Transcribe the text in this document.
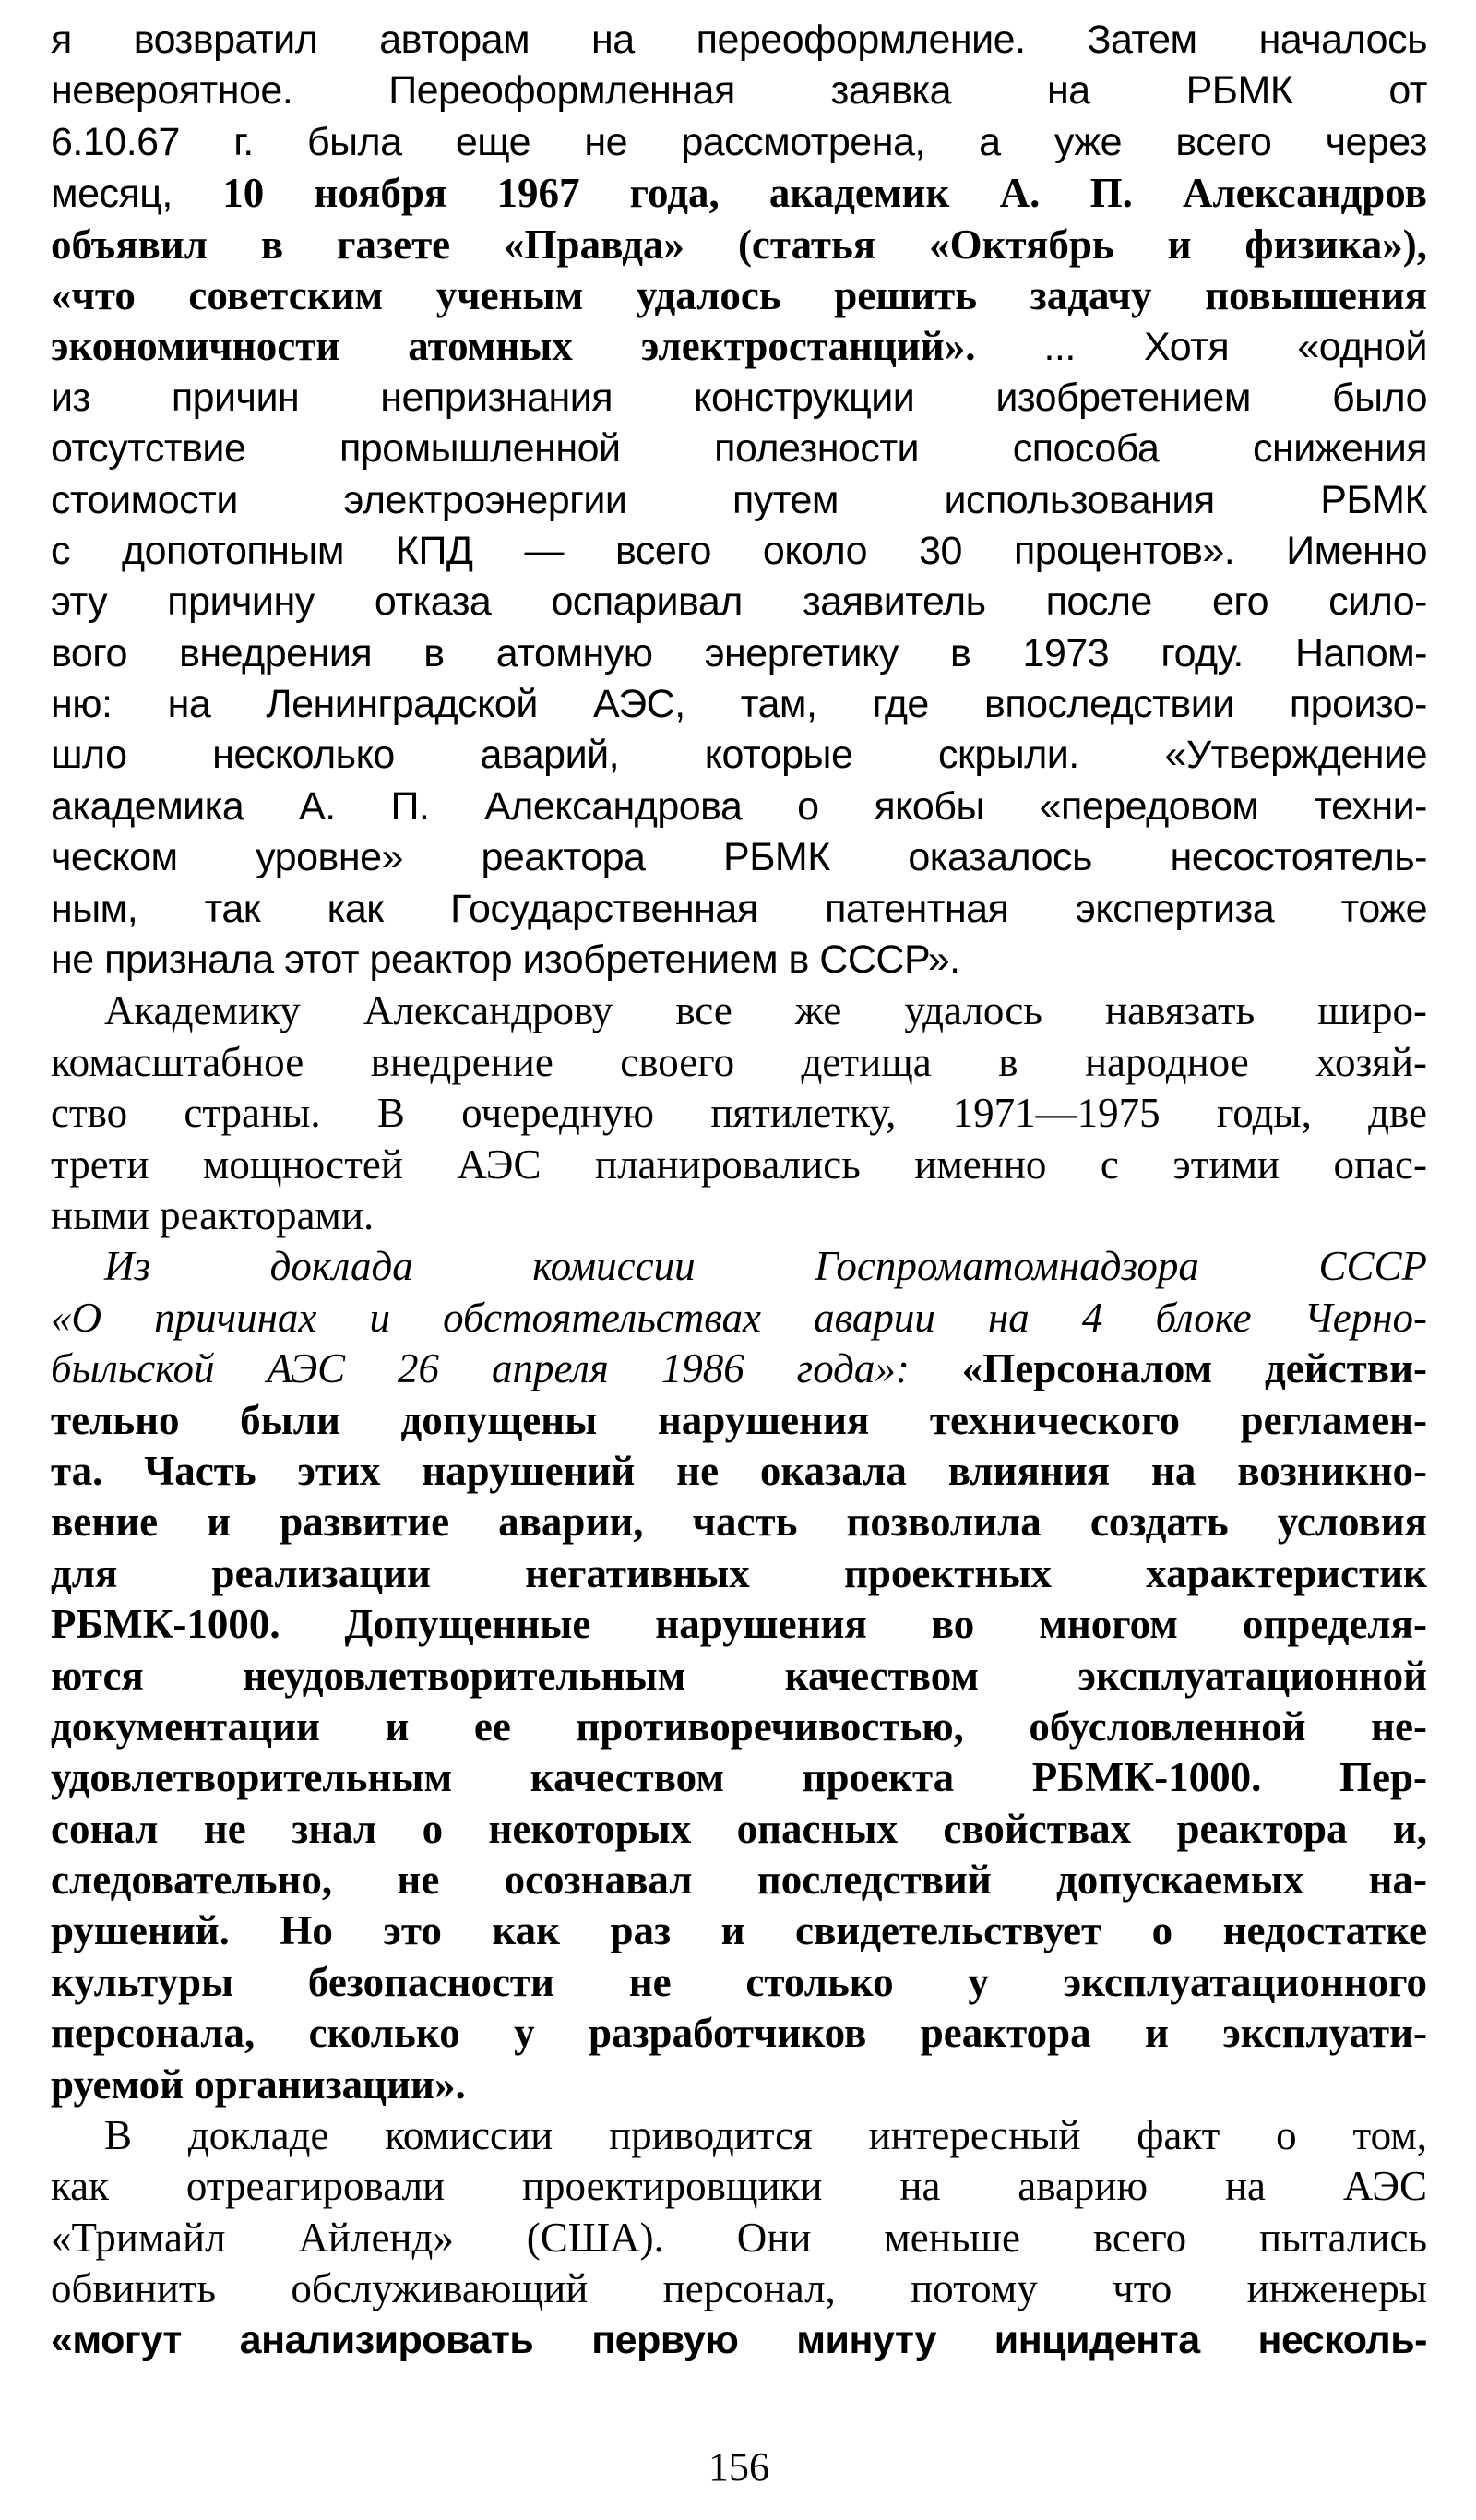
я возвратил авторам на переоформление. Затем началось
невероятное. Переоформленная заявка на РБМК от
6.10.67 г. была еще не рассмотрена, а уже всего через
месяц, 10 ноября 1967 года, академик А. П. Александров
объявил в газете «Правда» (статья «Октябрь и физика»),
«что советским ученым удалось решить задачу повышения
экономичности атомных электростанций». ... Хотя «одной
из причин непризнания конструкции изобретением было
отсутствие промышленной полезности способа снижения
стоимости электроэнергии путем использования РБМК
с допотопным КПД — всего около 30 процентов». Именно
эту причину отказа оспаривал заявитель после его сило-
вого внедрения в атомную энергетику в 1973 году. Напом-
ню: на Ленинградской АЭС, там, где впоследствии произо-
шло несколько аварий, которые скрыли. «Утверждение
академика А. П. Александрова о якобы «передовом техни-
ческом уровне» реактора РБМК оказалось несостоятель-
ным, так как Государственная патентная экспертиза тоже
не признала этот реактор изобретением в СССР».
Академику Александрову все же удалось навязать широ-
комасштабное внедрение своего детища в народное хозяй-
ство страны. В очередную пятилетку, 1971—1975 годы, две
трети мощностей АЭС планировались именно с этими опас-
ными реакторами.
Из доклада комиссии Госпроматомнадзора СССР
«О причинах и обстоятельствах аварии на 4 блоке Черно-
быльской АЭС 26 апреля 1986 года»: «Персоналом действи-
тельно были допущены нарушения технического регламен-
та. Часть этих нарушений не оказала влияния на возникно-
вение и развитие аварии, часть позволила создать условия
для реализации негативных проектных характеристик
РБМК-1000. Допущенные нарушения во многом определя-
ются неудовлетворительным качеством эксплуатационной
документации и ее противоречивостью, обусловленной не-
удовлетворительным качеством проекта РБМК-1000. Пер-
сонал не знал о некоторых опасных свойствах реактора и,
следовательно, не осознавал последствий допускаемых на-
рушений. Но это как раз и свидетельствует о недостатке
культуры безопасности не столько у эксплуатационного
персонала, сколько у разработчиков реактора и эксплуати-
руемой организации».
В докладе комиссии приводится интересный факт о том,
как отреагировали проектировщики на аварию на АЭС
«Тримайл Айленд» (США). Они меньше всего пытались
обвинить обслуживающий персонал, потому что инженеры
«могут анализировать первую минуту инцидента несколь-
156
